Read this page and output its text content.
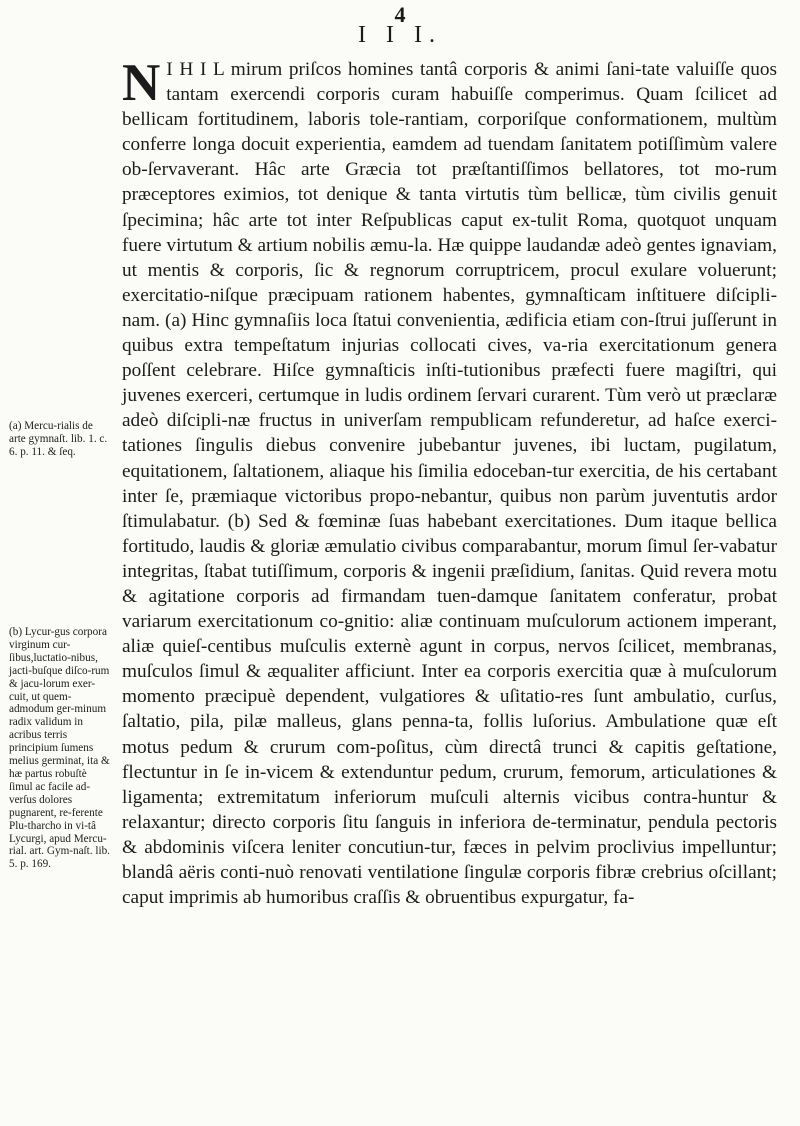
4
I I I.

N I H I L mirum priſcos homines tantâ corporis & animi ſani-tate valuiſſe quos tantam exercendi corporis curam habuiſſe comperimus. Quam ſcilicet ad bellicam fortitudinem, laboris tole-rantiam, corporiſque conformationem, multùm conferre longa docuit experientia, eamdem ad tuendam ſanitatem potiſſimùm valere ob-ſervaverant. Hâc arte Græcia tot præſtantiſſimos bellatores, tot mo-rum præceptores eximios, tot denique & tanta virtutis tùm bellicæ, tùm civilis genuit ſpecimina; hâc arte tot inter Reſpublicas caput ex-tulit Roma, quotquot unquam fuere virtutum & artium nobilis æmu-la. Hæ quippe laudandæ adeò gentes ignaviam, ut mentis & corporis, ſic & regnorum corruptricem, procul exulare voluerunt; exercitatio-niſque præcipuam rationem habentes, gymnaſticam inſtituere diſcipli-nam. (a) Hinc gymnaſiis loca ſtatui convenientia, ædificia etiam con-ſtrui juſſerunt in quibus extra tempeſtatum injurias collocati cives, va-ria exercitationum genera poſſent celebrare. Hiſce gymnaſticis inſti-tutionibus præfecti fuere magiſtri, qui juvenes exerceri, certumque in ludis ordinem ſervari curarent. Tùm verò ut præclaræ adeò diſcipli-næ fructus in univerſam rempublicam refunderetur, ad haſce exerci-tationes ſingulis diebus convenire jubebantur juvenes, ibi luctam, pugilatum, equitationem, ſaltationem, aliaque his ſimilia edoceban-tur exercitia, de his certabant inter ſe, præmiaque victoribus propo-nebantur, quibus non parùm juventutis ardor ſtimulabatur. (b) Sed & fœminæ ſuas habebant exercitationes. Dum itaque bellica fortitudo, laudis & gloriæ æmulatio civibus comparabantur, morum ſimul ſer-vabatur integritas, ſtabat tutiſſimum, corporis & ingenii præſidium, ſanitas. Quid revera motu & agitatione corporis ad firmandam tuen-damque ſanitatem conferatur, probat variarum exercitationum co-gnitio: aliæ continuam muſculorum actionem imperant, aliæ quieſ-centibus muſculis externè agunt in corpus, nervos ſcilicet, membranas, muſculos ſimul & æqualiter afficiunt. Inter ea corporis exercitia quæ à muſculorum momento præcipuè dependent, vulgatiores & uſitatio-res ſunt ambulatio, curſus, ſaltatio, pila, pilæ malleus, glans penna-ta, follis luſorius. Ambulatione quæ eſt motus pedum & crurum com-poſitus, cùm directâ trunci & capitis geſtatione, flectuntur in ſe in-vicem & extenduntur pedum, crurum, femorum, articulationes & ligamenta; extremitatum inferiorum muſculi alternis vicibus contra-huntur & relaxantur; directo corporis ſitu ſanguis in inferiora de-terminatur, pendula pectoris & abdominis viſcera leniter concutiun-tur, fæces in pelvim proclivius impelluntur; blandâ aëris conti-nuò renovati ventilatione ſingulæ corporis fibræ crebrius oſcillant; caput imprimis ab humoribus craſſis & obruentibus expurgatur, fa-

(a) Mercu-rialis de arte gymnaſt. lib. 1. c. 6. p. 11. & ſeq.
(b) Lycur-gus corpora virginum cur-ſibus,luctatio-nibus, jacti-buſque diſco-rum & jacu-lorum exer-cuit, ut quem-admodum ger-minum radix validum in acribus terris principium ſumens melius germinat, ita & hæ partus robuſtè ſimul ac facile ad-verſus dolores pugnarent, re-ferente Plu-tharcho in vi-tâ Lycurgi, apud Mercu-rial. art. Gym-naſt. lib. 5. p. 169.
